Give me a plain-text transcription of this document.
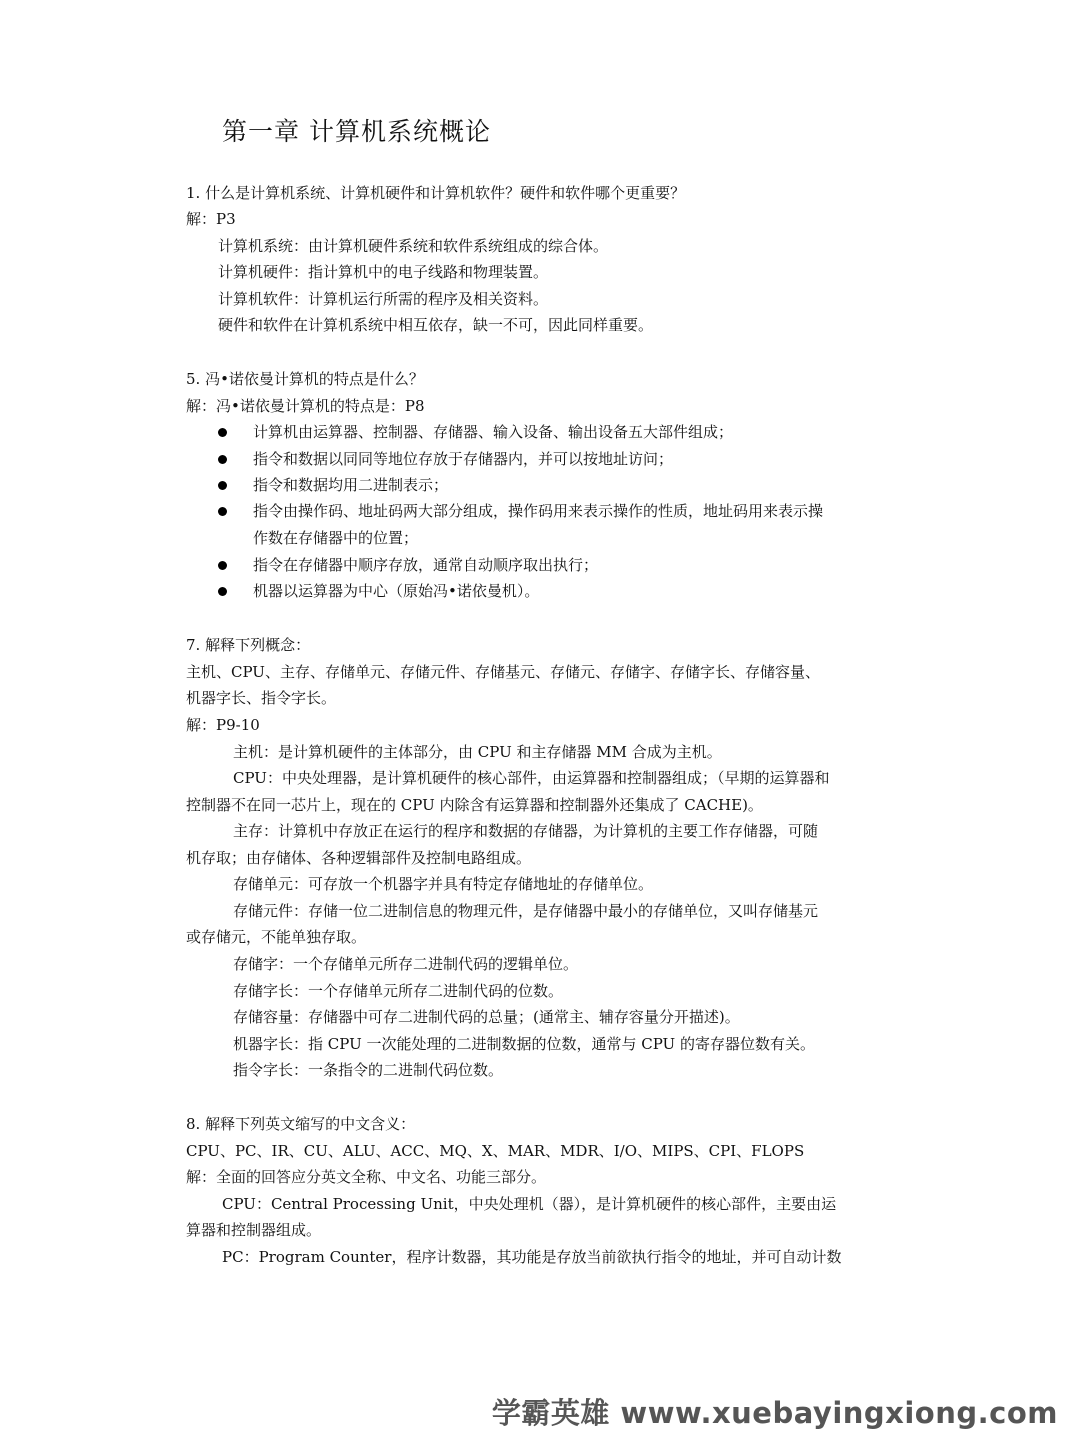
第一章 计算机系统概论
1. 什么是计算机系统、计算机硬件和计算机软件？硬件和软件哪个更重要？
解：P3
计算机系统：由计算机硬件系统和软件系统组成的综合体。
计算机硬件：指计算机中的电子线路和物理装置。
计算机软件：计算机运行所需的程序及相关资料。
硬件和软件在计算机系统中相互依存，缺一不可，因此同样重要。
5. 冯•诺依曼计算机的特点是什么？
解：冯•诺依曼计算机的特点是：P8
计算机由运算器、控制器、存储器、输入设备、输出设备五大部件组成；
指令和数据以同同等地位存放于存储器内，并可以按地址访问；
指令和数据均用二进制表示；
指令由操作码、地址码两大部分组成，操作码用来表示操作的性质，地址码用来表示操
作数在存储器中的位置；
指令在存储器中顺序存放，通常自动顺序取出执行；
机器以运算器为中心（原始冯•诺依曼机）。
7. 解释下列概念：
主机、CPU、主存、存储单元、存储元件、存储基元、存储元、存储字、存储字长、存储容量、
机器字长、指令字长。
解：P9-10
主机：是计算机硬件的主体部分，由 CPU 和主存储器 MM 合成为主机。
CPU：中央处理器，是计算机硬件的核心部件，由运算器和控制器组成；（早期的运算器和
控制器不在同一芯片上，现在的 CPU 内除含有运算器和控制器外还集成了 CACHE)。
主存：计算机中存放正在运行的程序和数据的存储器，为计算机的主要工作存储器，可随
机存取；由存储体、各种逻辑部件及控制电路组成。
存储单元：可存放一个机器字并具有特定存储地址的存储单位。
存储元件：存储一位二进制信息的物理元件，是存储器中最小的存储单位，又叫存储基元
或存储元，不能单独存取。
存储字：一个存储单元所存二进制代码的逻辑单位。
存储字长：一个存储单元所存二进制代码的位数。
存储容量：存储器中可存二进制代码的总量；(通常主、辅存容量分开描述)。
机器字长：指 CPU 一次能处理的二进制数据的位数，通常与 CPU 的寄存器位数有关。
指令字长：一条指令的二进制代码位数。
8. 解释下列英文缩写的中文含义：
CPU、PC、IR、CU、ALU、ACC、MQ、X、MAR、MDR、I/O、MIPS、CPI、FLOPS
解：全面的回答应分英文全称、中文名、功能三部分。
CPU：Central Processing Unit，中央处理机（器），是计算机硬件的核心部件，主要由运
算器和控制器组成。
PC：Program Counter，程序计数器，其功能是存放当前欲执行指令的地址，并可自动计数
学霸英雄 www.xuebayingxiong.com
